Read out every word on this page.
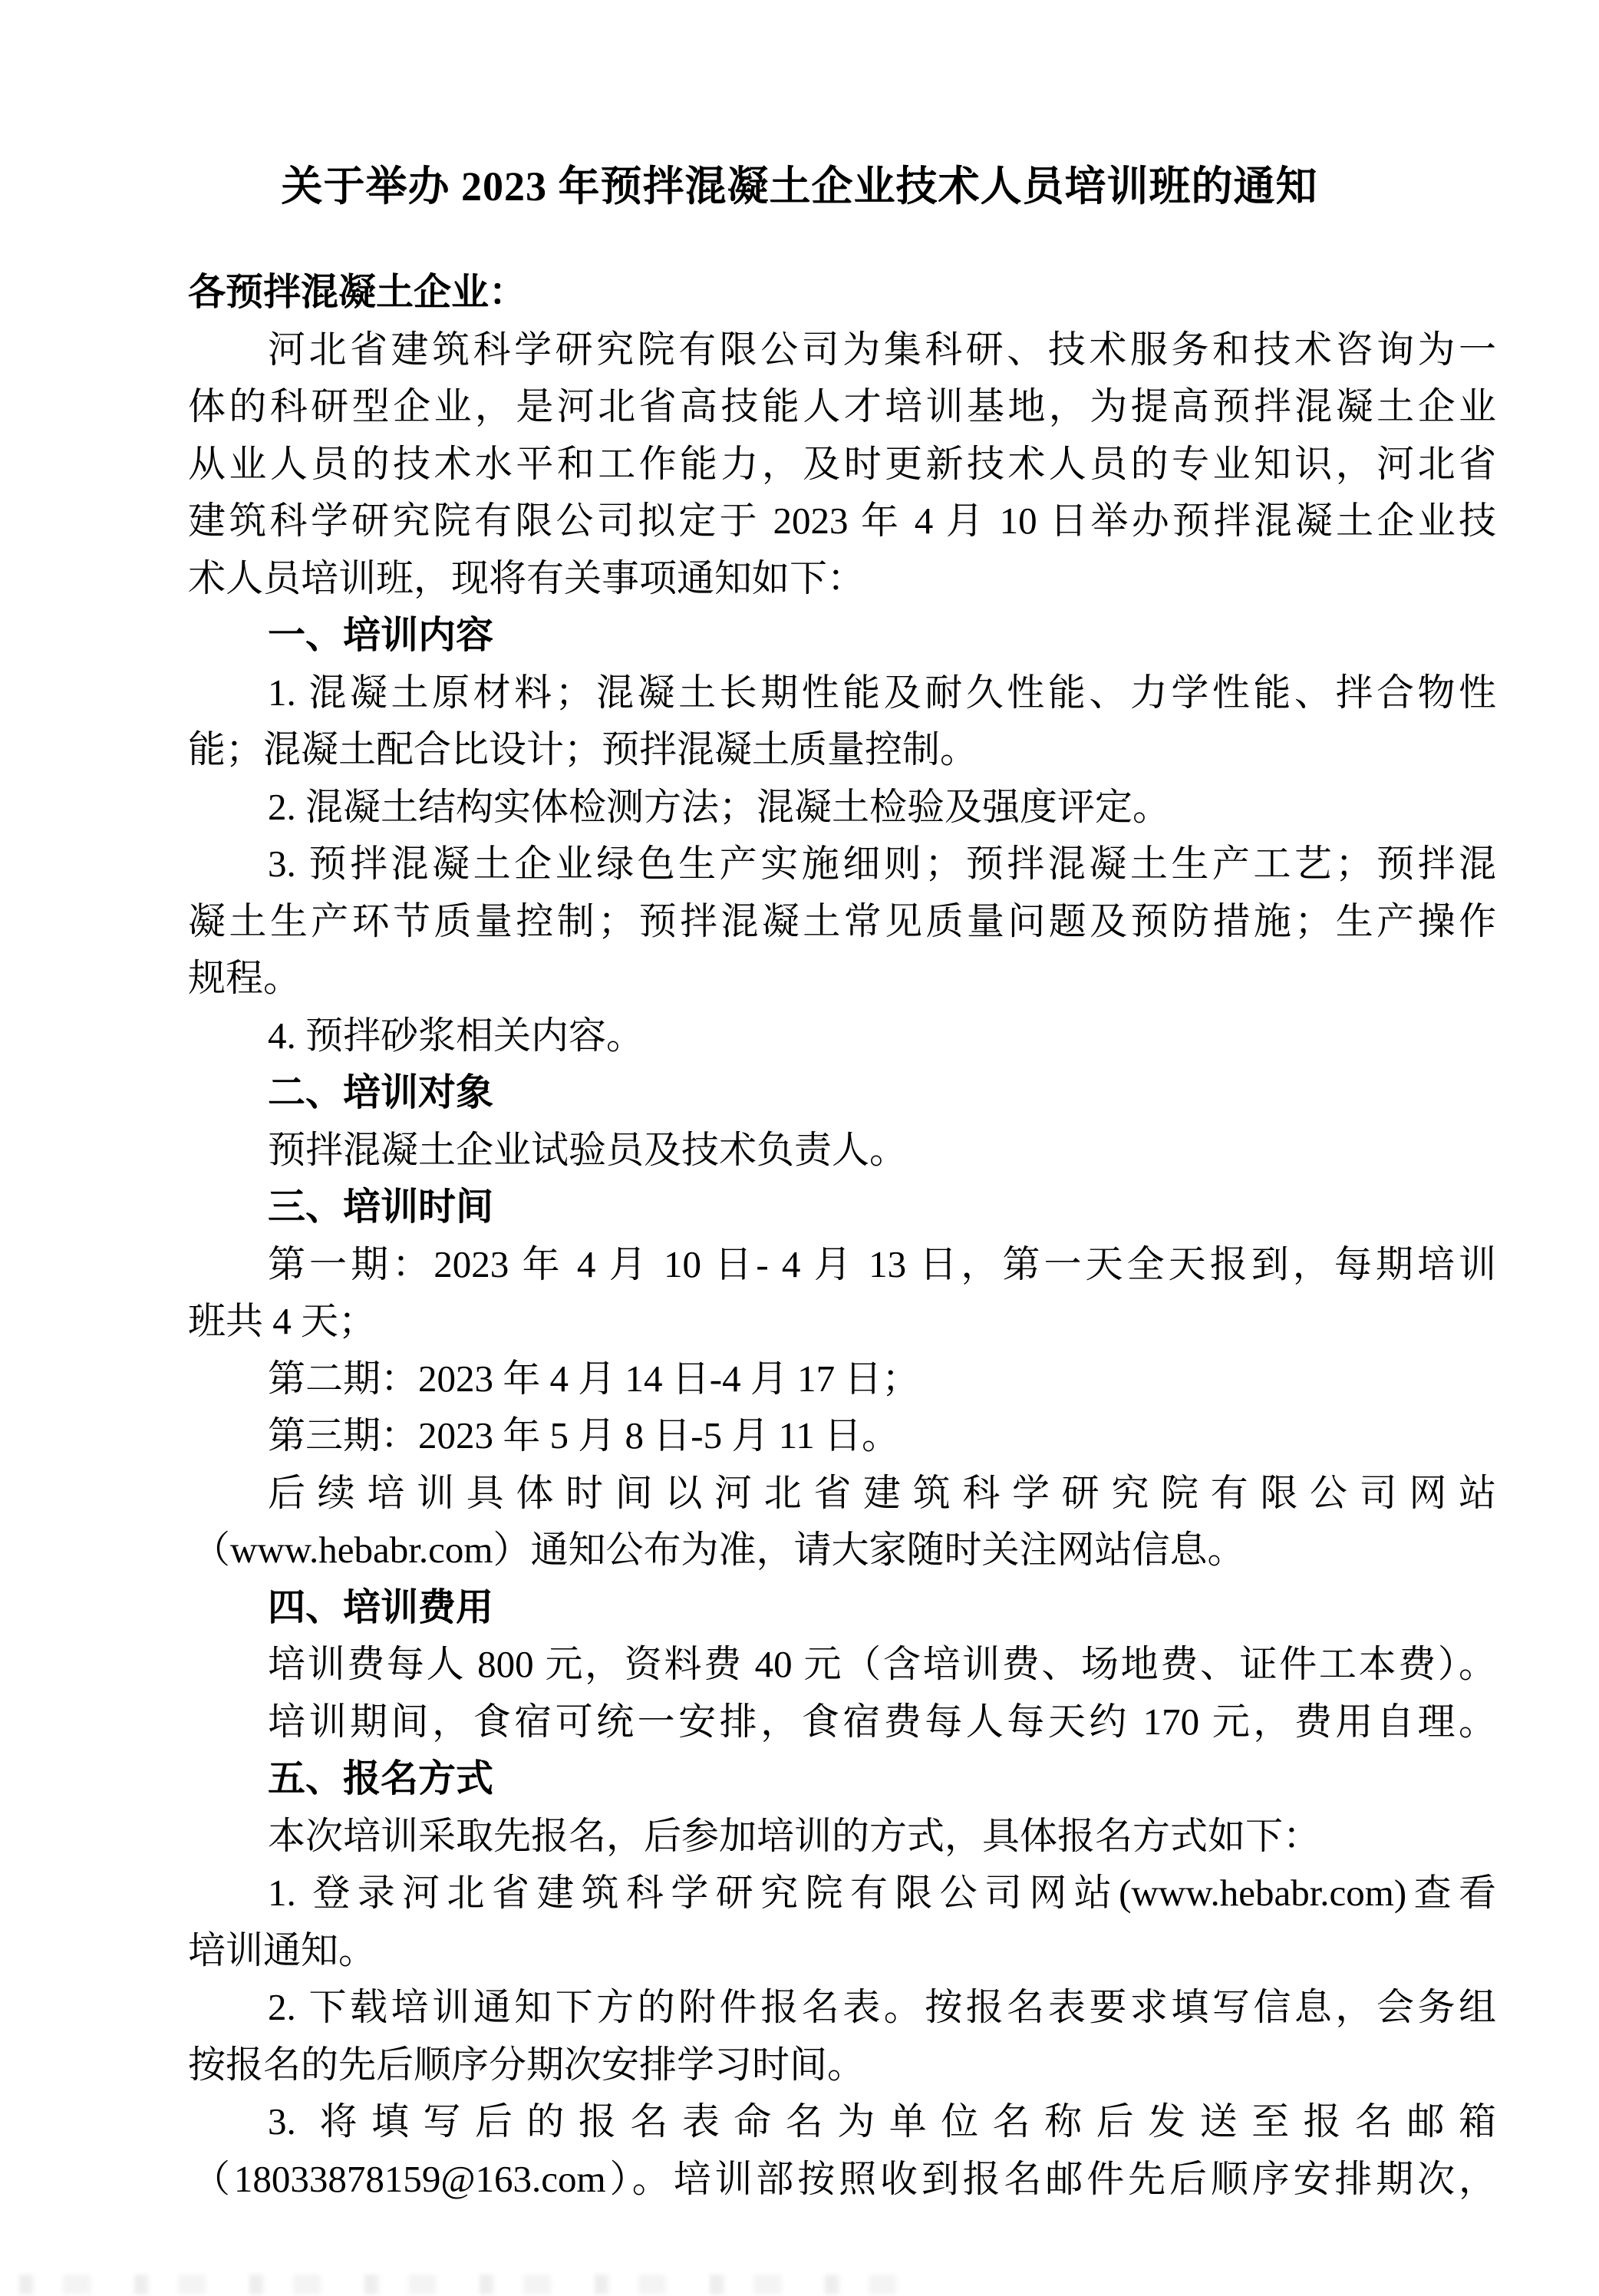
关于举办 2023 年预拌混凝土企业技术人员培训班的通知
各预拌混凝土企业：
河北省建筑科学研究院有限公司为集科研、技术服务和技术咨询为一
体的科研型企业，是河北省高技能人才培训基地，为提高预拌混凝土企业
从业人员的技术水平和工作能力，及时更新技术人员的专业知识，河北省
建筑科学研究院有限公司拟定于 2023 年 4 月 10 日举办预拌混凝土企业技
术人员培训班，现将有关事项通知如下：
一、培训内容
1. 混凝土原材料；混凝土长期性能及耐久性能、力学性能、拌合物性
能；混凝土配合比设计；预拌混凝土质量控制。
2. 混凝土结构实体检测方法；混凝土检验及强度评定。
3. 预拌混凝土企业绿色生产实施细则；预拌混凝土生产工艺；预拌混
凝土生产环节质量控制；预拌混凝土常见质量问题及预防措施；生产操作
规程。
4. 预拌砂浆相关内容。
二、培训对象
预拌混凝土企业试验员及技术负责人。
三、培训时间
第一期：2023 年 4 月 10 日- 4 月 13 日，第一天全天报到，每期培训
班共 4 天；
第二期：2023 年 4 月 14 日-4 月 17 日；
第三期：2023 年 5 月 8 日-5 月 11 日。
后续培训具体时间以河北省建筑科学研究院有限公司网站
（www.hebabr.com）通知公布为准，请大家随时关注网站信息。
四、培训费用
培训费每人 800 元，资料费 40 元（含培训费、场地费、证件工本费）。
培训期间，食宿可统一安排，食宿费每人每天约 170 元，费用自理。
五、报名方式
本次培训采取先报名，后参加培训的方式，具体报名方式如下：
1. 登录河北省建筑科学研究院有限公司网站(www.hebabr.com)查看
培训通知。
2. 下载培训通知下方的附件报名表。按报名表要求填写信息，会务组
按报名的先后顺序分期次安排学习时间。
3. 将填写后的报名表命名为单位名称后发送至报名邮箱
（18033878159@163.com）。培训部按照收到报名邮件先后顺序安排期次，
